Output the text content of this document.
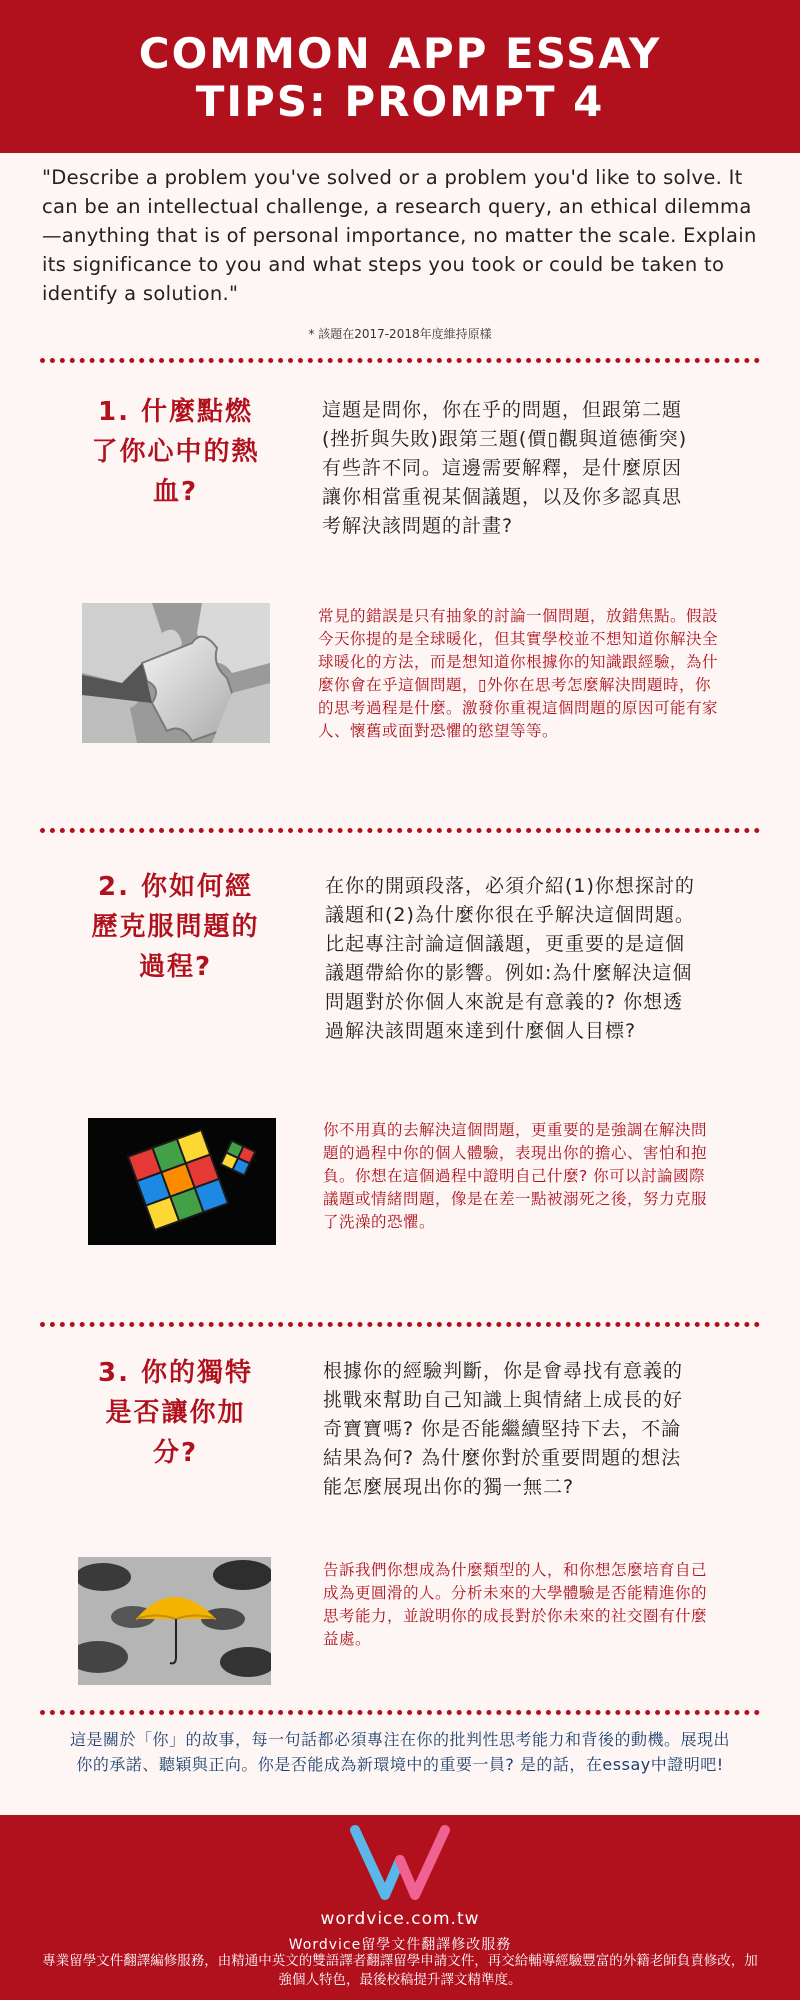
COMMON APP ESSAY
TIPS: PROMPT 4
"Describe a problem you've solved or a problem you'd like to solve. It can be an intellectual challenge, a research query, an ethical dilemma—anything that is of personal importance, no matter the scale. Explain its significance to you and what steps you took or could be taken to identify a solution."
* 該題在2017-2018年度維持原樣
1. 什麼點燃了你心中的熱血?
這題是問你，你在乎的問題，但跟第二題 (挫折與失敗)跟第三題(價▯觀與道德衝突)有些許不同。這邊需要解釋，是什麼原因讓你相當重視某個議題，以及你多認真思考解決該問題的計畫?
常見的錯誤是只有抽象的討論一個問題，放錯焦點。假設今天你提的是全球暖化，但其實學校並不想知道你解決全球暖化的方法，而是想知道你根據你的知識跟經驗，為什麼你會在乎這個問題，▯外你在思考怎麼解決問題時，你的思考過程是什麼。激發你重視這個問題的原因可能有家人、懷舊或面對恐懼的慾望等等。
2. 你如何經歷克服問題的過程?
在你的開頭段落，必須介紹(1)你想探討的議題和(2)為什麼你很在乎解決這個問題。比起專注討論這個議題，更重要的是這個議題帶給你的影響。例如:為什麼解決這個問題對於你個人來說是有意義的? 你想透過解決該問題來達到什麼個人目標?
你不用真的去解決這個問題，更重要的是強調在解決問題的過程中你的個人體驗，表現出你的擔心、害怕和抱負。你想在這個過程中證明自己什麼? 你可以討論國際議題或情緒問題，像是在差一點被溺死之後，努力克服了洗澡的恐懼。
3. 你的獨特是否讓你加分?
根據你的經驗判斷，你是會尋找有意義的挑戰來幫助自己知識上與情緒上成長的好奇寶寶嗎? 你是否能繼續堅持下去，不論結果為何? 為什麼你對於重要問題的想法能怎麼展現出你的獨一無二?
告訴我們你想成為什麼類型的人，和你想怎麼培育自己成為更圓滑的人。分析未來的大學體驗是否能精進你的思考能力，並說明你的成長對於你未來的社交圈有什麼益處。
這是關於「你」的故事，每一句話都必須專注在你的批判性思考能力和背後的動機。展現出你的承諾、聽穎與正向。你是否能成為新環境中的重要一員? 是的話，在essay中證明吧!
wordvice.com.tw
Wordvice留學文件翻譯修改服務
專業留學文件翻譯編修服務，由精通中英文的雙語譯者翻譯留學申請文件，再交給輔導經驗豐富的外籍老師負責修改，加強個人特色，最後校稿提升譯文精準度。
